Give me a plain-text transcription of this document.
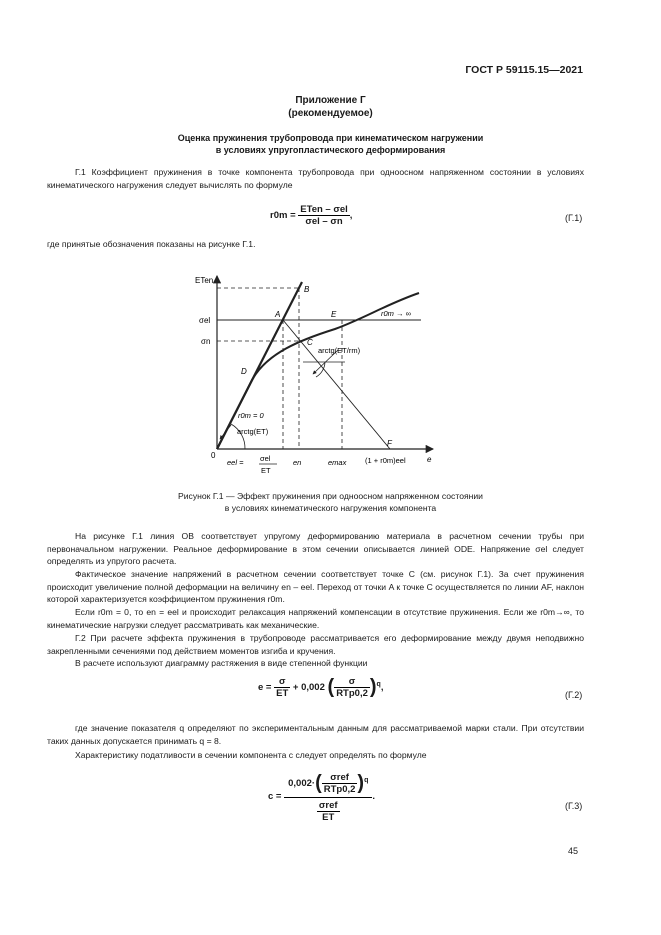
ГОСТ Р 59115.15—2021
Приложение Г
(рекомендуемое)
Оценка пружинения трубопровода при кинематическом нагружении
в условиях упругопластического деформирования
Г.1 Коэффициент пружинения в точке компонента трубопровода при одноосном напряженном состоянии в условиях кинематического нагружения следует вычислять по формуле
$r0m = \frac{\text{ETen – σel}}{\text{σel – σn}}$ ,	(Г.1)
где принятые обозначения показаны на рисунке Г.1.
ETen
σel
σn
A
B
C
D
E
F
0	e
r0m → ∞
r0m = 0
arctg(ET)
arctg(ET/rm)
eel = σel
ET
en	emax (1 + r0m)eel
Рисунок Г.1 — Эффект пружинения при одноосном напряженном состоянии
в условиях кинематического нагружения компонента
На рисунке Г.1 линия OB соответствует упругому деформированию материала в расчетном сечении трубы при первоначальном нагружении. Реальное деформирование в этом сечении описывается линией ODE. Напряжение σel следует определять из упругого расчета.
Фактическое значение напряжений в расчетном сечении соответствует точке C (см. рисунок Г.1). За счет пружинения происходит увеличение полной деформации на величину en – eel. Переход от точки A к точке C осуществляется по линии AF, наклон которой характеризуется коэффициентом пружинения r0m.
Если r0m = 0, то en = eel и происходит релаксация напряжений компенсации в отсутствие пружинения. Если же r0m→∞, то кинематические нагрузки следует рассматривать как механические.
Г.2 При расчете эффекта пружинения в трубопроводе рассматривается его деформирование между двумя неподвижно закрепленными сечениями под действием моментов изгиба и кручения.
В расчете используют диаграмму растяжения в виде степенной функции
$e = \frac{\sigma}{ET} + 0,002$ ( $\frac{\sigma}{\text{RTp0,2}} )^q$,
(Г.2)
где значение показателя q определяют по экспериментальным данным для рассматриваемой марки стали. При отсутствии таких данных допускается принимать q = 8.
Характеристику податливости в сечении компонента с следует определять по формуле
$c = \frac{0,002\cdot( \frac{\text{σref}}{\text{RTp0,2}} )^q}{\frac{\text{σref}}{ET}}$ .
(Г.3)
45
